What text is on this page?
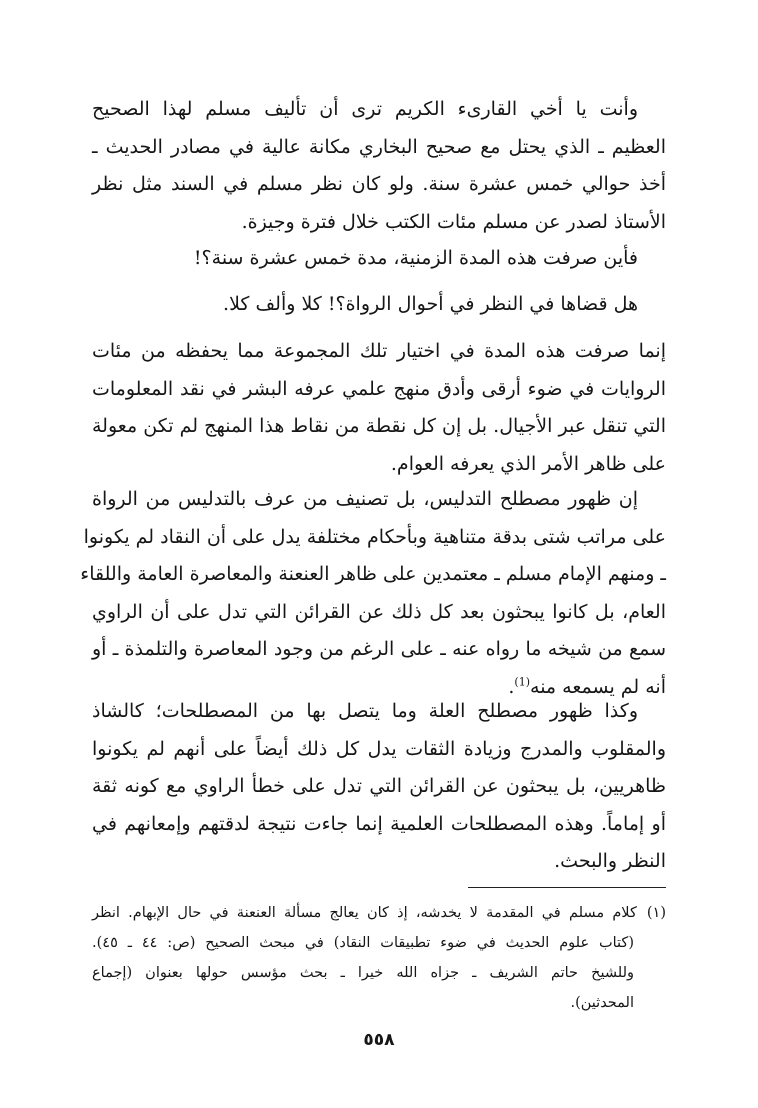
وأنت يا أخي القارىء الكريم ترى أن تأليف مسلم لهذا الصحيح
العظيم ـ الذي يحتل مع صحيح البخاري مكانة عالية في مصادر الحديث ـ
أخذ حوالي خمس عشرة سنة. ولو كان نظر مسلم في السند مثل نظر
الأستاذ لصدر عن مسلم مئات الكتب خلال فترة وجيزة.
فأين صرفت هذه المدة الزمنية، مدة خمس عشرة سنة؟!
هل قضاها في النظر في أحوال الرواة؟! كلا وألف كلا.
إنما صرفت هذه المدة في اختيار تلك المجموعة مما يحفظه من مئات
الروايات في ضوء أرقى وأدق منهج علمي عرفه البشر في نقد المعلومات
التي تنقل عبر الأجيال. بل إن كل نقطة من نقاط هذا المنهج لم تكن معولة
على ظاهر الأمر الذي يعرفه العوام.
إن ظهور مصطلح التدليس، بل تصنيف من عرف بالتدليس من الرواة
على مراتب شتى بدقة متناهية وبأحكام مختلفة يدل على أن النقاد لم يكونوا
ـ ومنهم الإمام مسلم ـ معتمدين على ظاهر العنعنة والمعاصرة العامة واللقاء
العام، بل كانوا يبحثون بعد كل ذلك عن القرائن التي تدل على أن الراوي
سمع من شيخه ما رواه عنه ـ على الرغم من وجود المعاصرة والتلمذة ـ أو
أنه لم يسمعه منه$^{(1)}$.
وكذا ظهور مصطلح العلة وما يتصل بها من المصطلحات؛ كالشاذ
والمقلوب والمدرج وزيادة الثقات يدل كل ذلك أيضاً على أنهم لم يكونوا
ظاهريين، بل يبحثون عن القرائن التي تدل على خطأ الراوي مع كونه ثقة
أو إماماً. وهذه المصطلحات العلمية إنما جاءت نتيجة لدقتهم وإمعانهم في
النظر والبحث.
(١)كلام مسلم في المقدمة لا يخدشه، إذ كان يعالج مسألة العنعنة في حال الإبهام. انظر
(كتاب علوم الحديث في ضوء تطبيقات النقاد) في مبحث الصحيح (ص: ٤٤ ـ ٤٥).
وللشيخ حاتم الشريف ـ جزاه الله خيرا ـ بحث مؤسس حولها بعنوان (إجماع
المحدثين).
٥٥٨
